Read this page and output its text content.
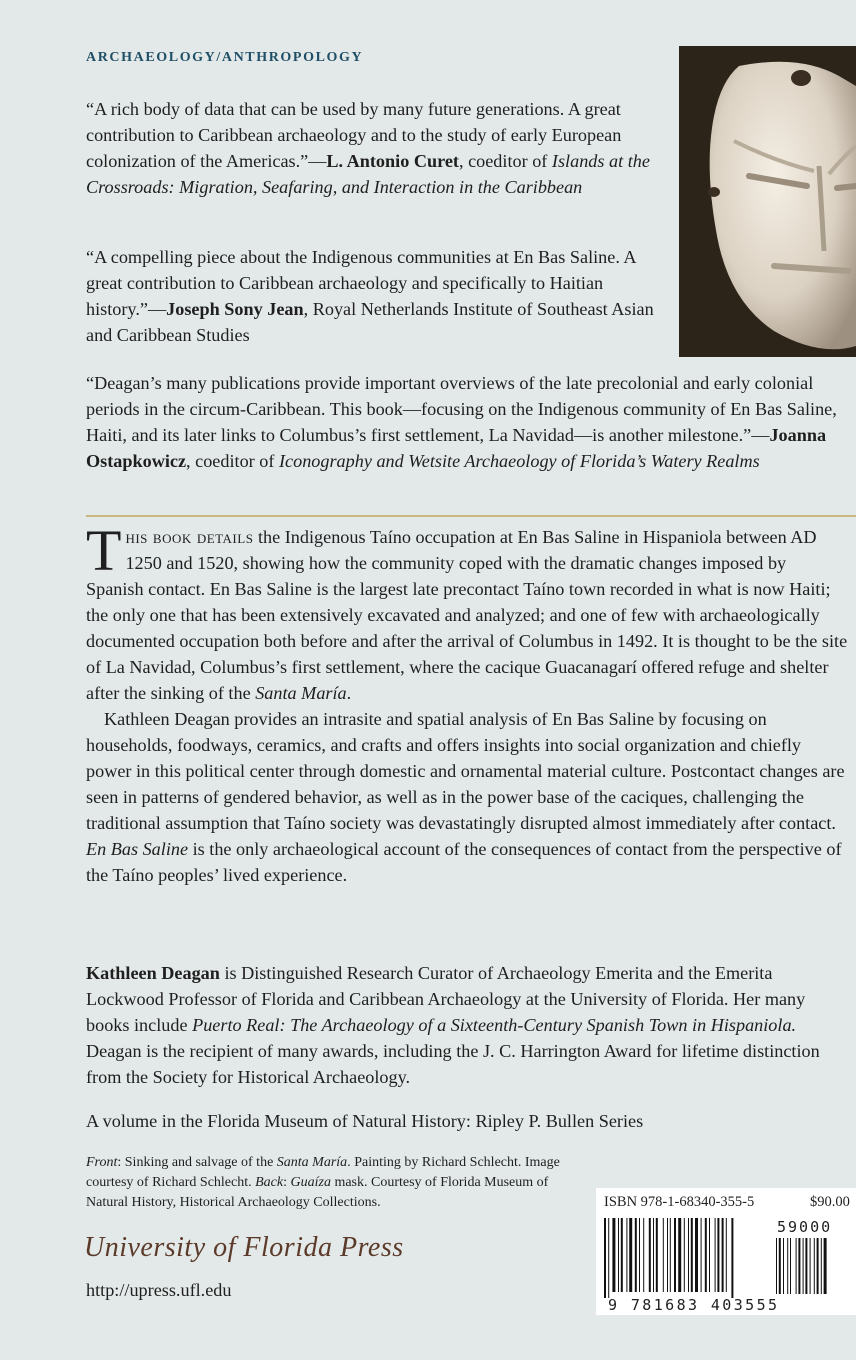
ARCHAEOLOGY/ANTHROPOLOGY

“A rich body of data that can be used by many future generations. A great contribution to Caribbean archaeology and to the study of early European colonization of the Americas.”—L. Antonio Curet, coeditor of Islands at the Crossroads: Migration, Seafaring, and Interaction in the Caribbean

“A compelling piece about the Indigenous communities at En Bas Saline. A great contribution to Caribbean archaeology and specifically to Haitian history.”—Joseph Sony Jean, Royal Netherlands Institute of Southeast Asian and Caribbean Studies

“Deagan’s many publications provide important overviews of the late precolonial and early colonial periods in the circum-Caribbean. This book—focusing on the Indigenous community of En Bas Saline, Haiti, and its later links to Columbus’s first settlement, La Navidad—is another milestone.”—Joanna Ostapkowicz, coeditor of Iconography and Wetsite Archaeology of Florida’s Watery Realms

This book details the Indigenous Taíno occupation at En Bas Saline in Hispaniola between AD 1250 and 1520, showing how the community coped with the dramatic changes imposed by Spanish contact. En Bas Saline is the largest late precontact Taíno town recorded in what is now Haiti; the only one that has been extensively excavated and analyzed; and one of few with archaeologically documented occupation both before and after the arrival of Columbus in 1492. It is thought to be the site of La Navidad, Columbus’s first settlement, where the cacique Guacanagarí offered refuge and shelter after the sinking of the Santa María.

Kathleen Deagan provides an intrasite and spatial analysis of En Bas Saline by focusing on households, foodways, ceramics, and crafts and offers insights into social organization and chiefly power in this political center through domestic and ornamental material culture. Postcontact changes are seen in patterns of gendered behavior, as well as in the power base of the caciques, challenging the traditional assumption that Taíno society was devastatingly disrupted almost immediately after contact. En Bas Saline is the only archaeological account of the consequences of contact from the perspective of the Taíno peoples’ lived experience.

Kathleen Deagan is Distinguished Research Curator of Archaeology Emerita and the Emerita Lockwood Professor of Florida and Caribbean Archaeology at the University of Florida. Her many books include Puerto Real: The Archaeology of a Sixteenth-Century Spanish Town in Hispaniola. Deagan is the recipient of many awards, including the J. C. Harrington Award for lifetime distinction from the Society for Historical Archaeology.

A volume in the Florida Museum of Natural History: Ripley P. Bullen Series

Front: Sinking and salvage of the Santa María. Painting by Richard Schlecht. Image courtesy of Richard Schlecht. Back: Guaíza mask. Courtesy of Florida Museum of Natural History, Historical Archaeology Collections.

University of Florida Press
http://upress.ufl.edu
ISBN 978-1-68340-355-5	$90.00
9 781683 403555
59000
